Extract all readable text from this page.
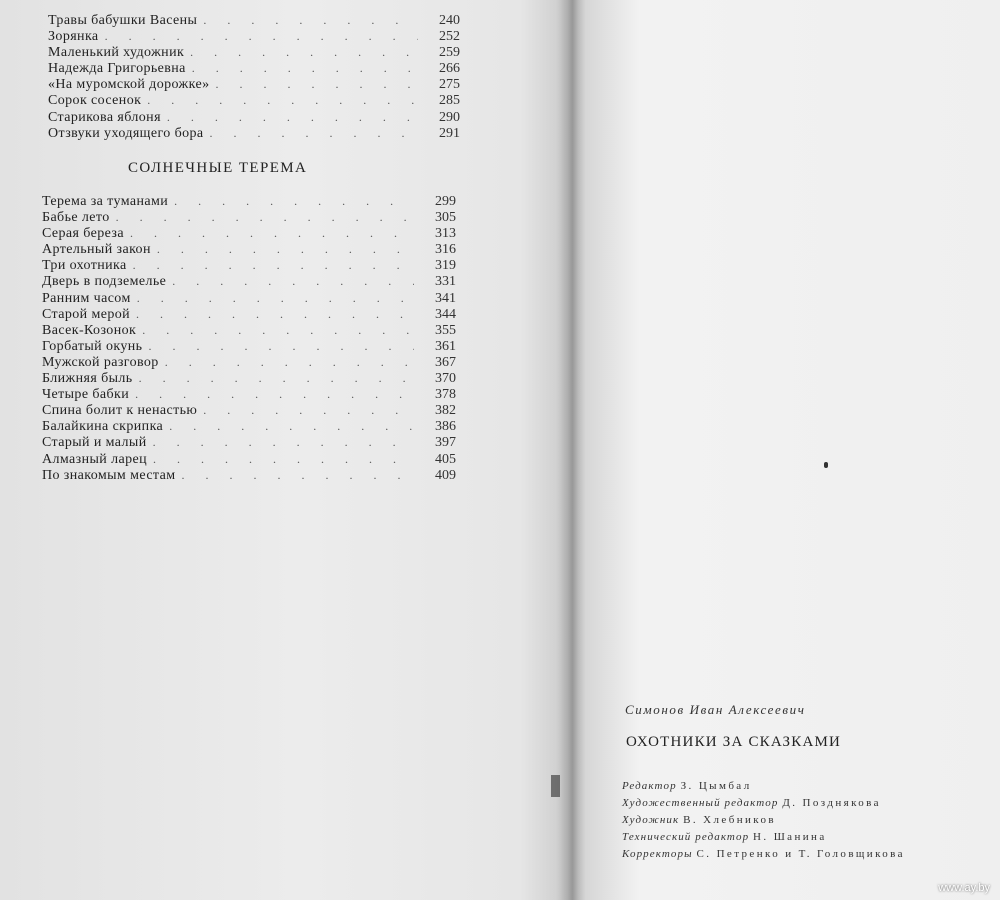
Травы бабушки Васены . . .	240
Зорянка . . .	252
Маленький художник . . .	259
Надежда Григорьевна . . .	266
«На муромской дорожке» . . .	275
Сорок сосенок . . .	285
Старикова яблоня . . .	290
Отзвуки уходящего бора . . .	291
СОЛНЕЧНЫЕ ТЕРЕМА
Терема за туманами . . .	299
Бабье лето . . .	305
Серая береза . . .	313
Артельный закон . . .	316
Три охотника . . .	319
Дверь в подземелье . . .	331
Ранним часом . . .	341
Старой мерой . . .	344
Васек-Козонок . . .	355
Горбатый окунь . . .	361
Мужской разговор . . .	367
Ближняя быль . . .	370
Четыре бабки . . .	378
Спина болит к ненастью . . .	382
Балайкина скрипка . . .	386
Старый и малый . . .	397
Алмазный ларец . . .	405
По знакомым местам . . .	409
Симонов Иван Алексеевич
ОХОТНИКИ ЗА СКАЗКАМИ
Редактор З. Цымбал
Художественный редактор Д. Позднякова
Художник В. Хлебников
Технический редактор Н. Шанина
Корректоры С. Петренко и Т. Головщикова
www.ay.by
